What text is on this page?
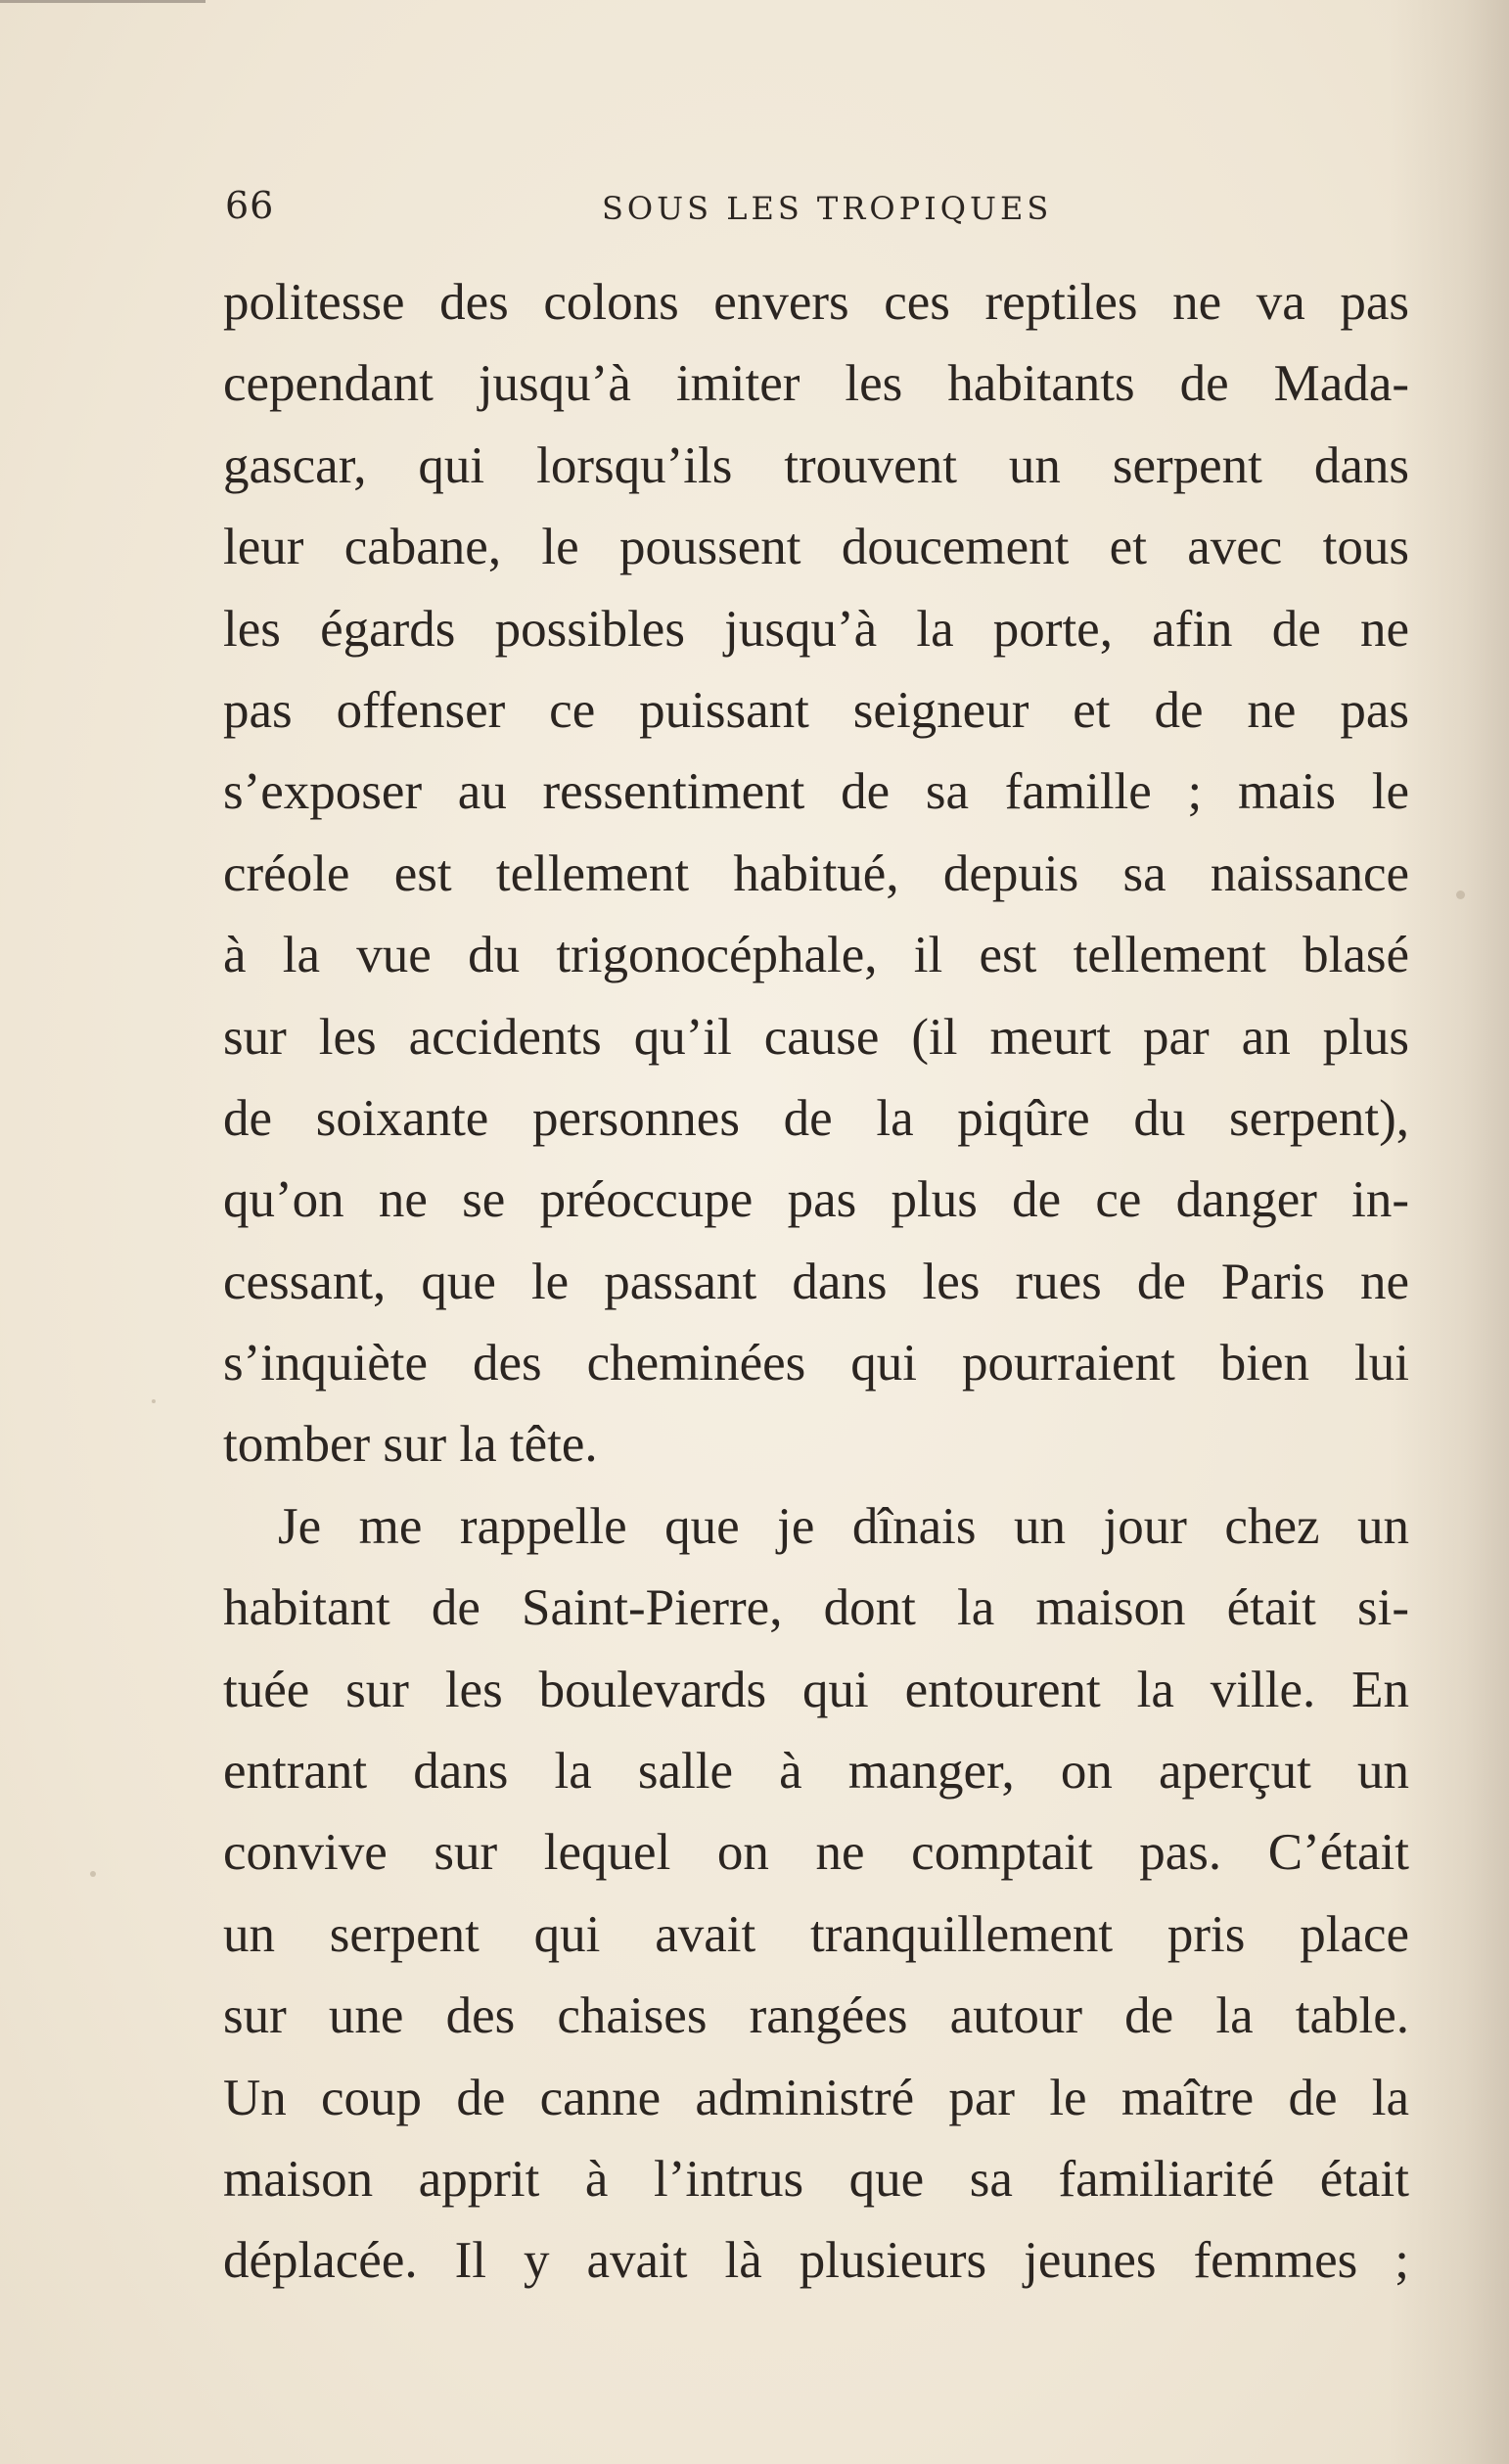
66	SOUS LES TROPIQUES
politesse des colons envers ces reptiles ne va pas
cependant jusqu’à imiter les habitants de Mada-
gascar, qui lorsqu’ils trouvent un serpent dans
leur cabane, le poussent doucement et avec tous
les égards possibles jusqu’à la porte, afin de ne
pas offenser ce puissant seigneur et de ne pas
s’exposer au ressentiment de sa famille ; mais le
créole est tellement habitué, depuis sa naissance
à la vue du trigonocéphale, il est tellement blasé
sur les accidents qu’il cause (il meurt par an plus
de soixante personnes de la piqûre du serpent),
qu’on ne se préoccupe pas plus de ce danger in-
cessant, que le passant dans les rues de Paris ne
s’inquiète des cheminées qui pourraient bien lui
tomber sur la tête.
Je me rappelle que je dînais un jour chez un
habitant de Saint-Pierre, dont la maison était si-
tuée sur les boulevards qui entourent la ville. En
entrant dans la salle à manger, on aperçut un
convive sur lequel on ne comptait pas. C’était
un serpent qui avait tranquillement pris place
sur une des chaises rangées autour de la table.
Un coup de canne administré par le maître de la
maison apprit à l’intrus que sa familiarité était
déplacée. Il y avait là plusieurs jeunes femmes ;
